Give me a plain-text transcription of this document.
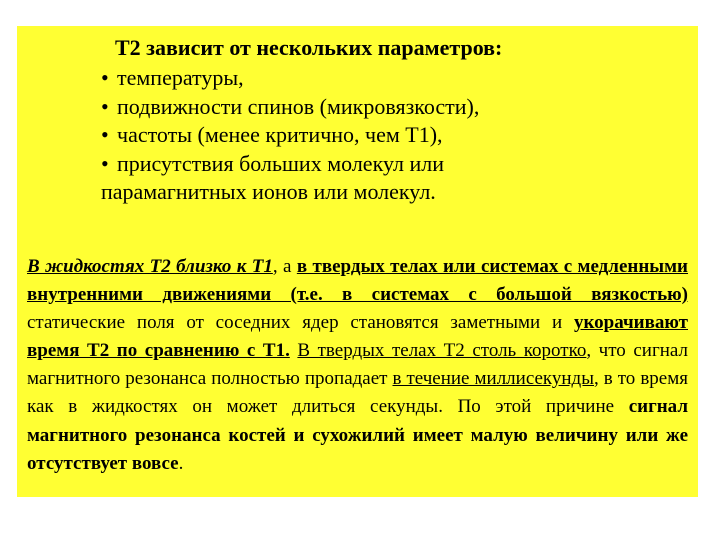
T2 зависит от нескольких параметров:
• температуры,
• подвижности спинов (микровязкости),
• частоты (менее критично, чем Т1),
• присутствия больших молекул или
парамагнитных ионов или молекул.

В жидкостях Т2 близко к Т1, а в твердых телах или системах с медленными внутренними движениями (т.е. в системах с большой вязкостью) статические поля от соседних ядер становятся заметными и укорачивают время Т2 по сравнению с Т1. В твердых телах Т2 столь коротко, что сигнал магнитного резонанса полностью пропадает в течение миллисекунды, в то время как в жидкостях он может длиться секунды. По этой причине сигнал магнитного резонанса костей и сухожилий имеет малую величину или же отсутствует вовсе.
